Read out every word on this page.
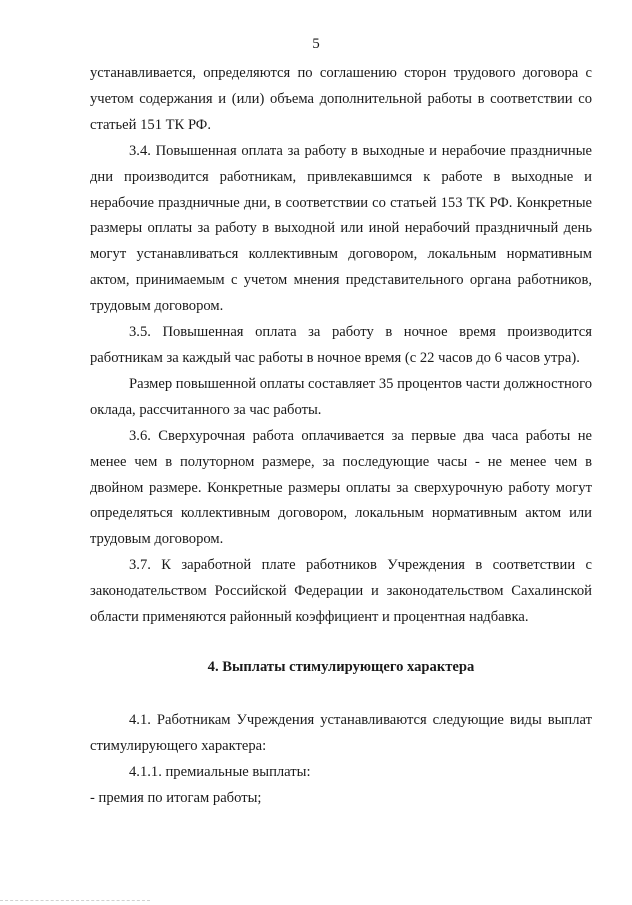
5

устанавливается, определяются по соглашению сторон трудового договора с учетом содержания и (или) объема дополнительной работы в соответствии со статьей 151 ТК РФ.

3.4. Повышенная оплата за работу в выходные и нерабочие праздничные дни производится работникам, привлекавшимся к работе в выходные и нерабочие праздничные дни, в соответствии со статьей 153 ТК РФ. Конкретные размеры оплаты за работу в выходной или иной нерабочий праздничный день могут устанавливаться коллективным договором, локальным нормативным актом, принимаемым с учетом мнения представительного органа работников, трудовым договором.

3.5. Повышенная оплата за работу в ночное время производится работникам за каждый час работы в ночное время (с 22 часов до 6 часов утра).

Размер повышенной оплаты составляет 35 процентов части должностного оклада, рассчитанного за час работы.

3.6. Сверхурочная работа оплачивается за первые два часа работы не менее чем в полуторном размере, за последующие часы - не менее чем в двойном размере. Конкретные размеры оплаты за сверхурочную работу могут определяться коллективным договором, локальным нормативным актом или трудовым договором.

3.7. К заработной плате работников Учреждения в соответствии с законодательством Российской Федерации и законодательством Сахалинской области применяются районный коэффициент и процентная надбавка.

4. Выплаты стимулирующего характера

4.1. Работникам Учреждения устанавливаются следующие виды выплат стимулирующего характера:

4.1.1. премиальные выплаты:

- премия по итогам работы;
